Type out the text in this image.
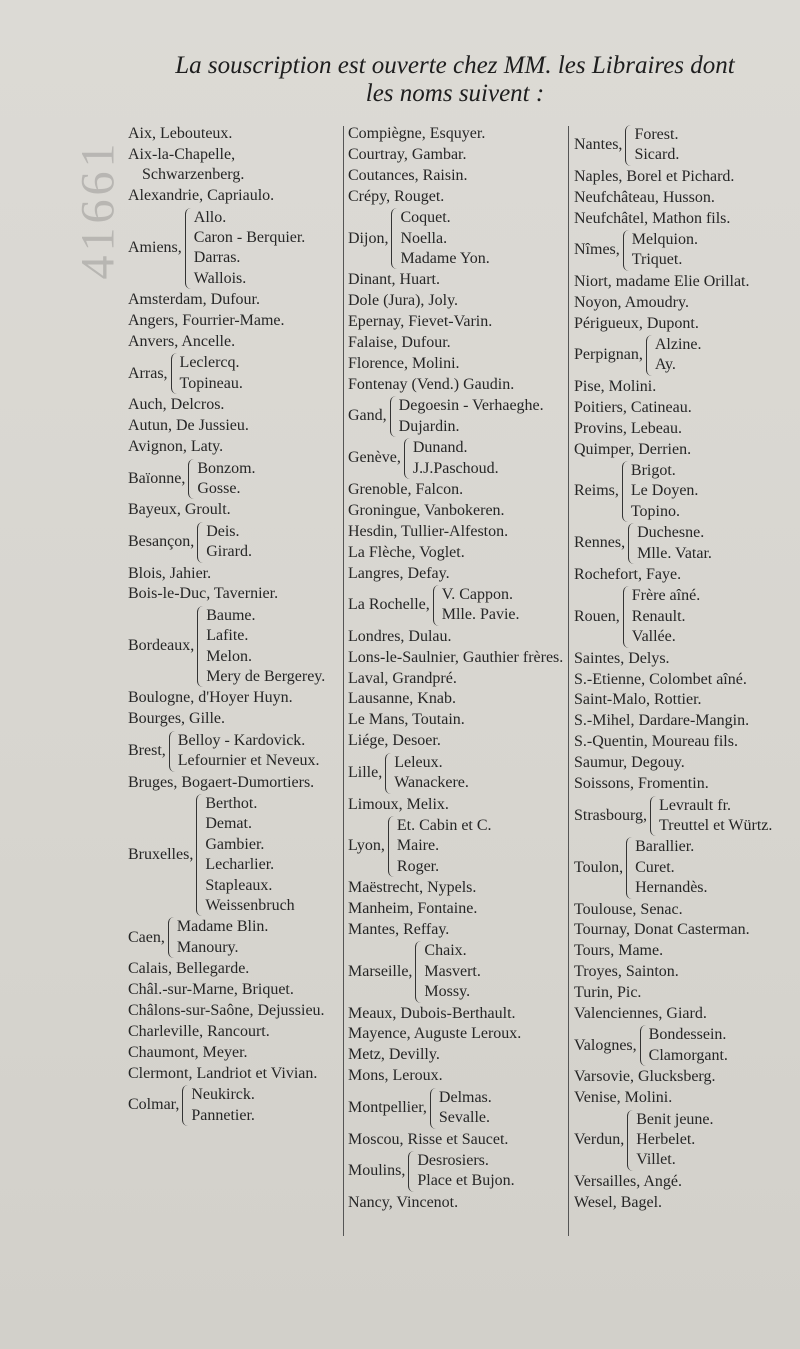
41661
La souscription est ouverte chez MM. les Libraires dont
les noms suivent :
Aix, Lebouteux.
Aix-la-Chapelle, Schwarzenberg.
Alexandrie, Capriaulo.
Amiens,
Allo.
Caron - Berquier.
Darras.
Wallois.
Amsterdam, Dufour.
Angers, Fourrier-Mame.
Anvers, Ancelle.
Arras,
Leclercq.
Topineau.
Auch, Delcros.
Autun, De Jussieu.
Avignon, Laty.
Baïonne,
Bonzom.
Gosse.
Bayeux, Groult.
Besançon,
Deis.
Girard.
Blois, Jahier.
Bois-le-Duc, Tavernier.
Bordeaux,
Baume.
Lafite.
Melon.
Mery de Bergerey.
Boulogne, d'Hoyer Huyn.
Bourges, Gille.
Brest,
Belloy - Kardovick.
Lefournier et Neveux.
Bruges, Bogaert-Dumortiers.
Bruxelles,
Berthot.
Demat.
Gambier.
Lecharlier.
Stapleaux.
Weissenbruch
Caen,
Madame Blin.
Manoury.
Calais, Bellegarde.
Châl.-sur-Marne, Briquet.
Châlons-sur-Saône, Dejussieu.
Charleville, Rancourt.
Chaumont, Meyer.
Clermont, Landriot et Vivian.
Colmar,
Neukirck.
Pannetier.
Compiègne, Esquyer.
Courtray, Gambar.
Coutances, Raisin.
Crépy, Rouget.
Dijon,
Coquet.
Noella.
Madame Yon.
Dinant, Huart.
Dole (Jura), Joly.
Epernay, Fievet-Varin.
Falaise, Dufour.
Florence, Molini.
Fontenay (Vend.) Gaudin.
Gand,
Degoesin - Verhaeghe.
Dujardin.
Genève,
Dunand.
J.J.Paschoud.
Grenoble, Falcon.
Groningue, Vanbokeren.
Hesdin, Tullier-Alfeston.
La Flèche, Voglet.
Langres, Defay.
La Rochelle,
V. Cappon.
Mlle. Pavie.
Londres, Dulau.
Lons-le-Saulnier, Gauthier frères.
Laval, Grandpré.
Lausanne, Knab.
Le Mans, Toutain.
Liége, Desoer.
Lille,
Leleux.
Wanackere.
Limoux, Melix.
Lyon,
Et. Cabin et C.
Maire.
Roger.
Maëstrecht, Nypels.
Manheim, Fontaine.
Mantes, Reffay.
Marseille,
Chaix.
Masvert.
Mossy.
Meaux, Dubois-Berthault.
Mayence, Auguste Leroux.
Metz, Devilly.
Mons, Leroux.
Montpellier,
Delmas.
Sevalle.
Moscou, Risse et Saucet.
Moulins,
Desrosiers.
Place et Bujon.
Nancy, Vincenot.
Nantes,
Forest.
Sicard.
Naples, Borel et Pichard.
Neufchâteau, Husson.
Neufchâtel, Mathon fils.
Nîmes,
Melquion.
Triquet.
Niort, madame Elie Orillat.
Noyon, Amoudry.
Périgueux, Dupont.
Perpignan,
Alzine.
Ay.
Pise, Molini.
Poitiers, Catineau.
Provins, Lebeau.
Quimper, Derrien.
Reims,
Brigot.
Le Doyen.
Topino.
Rennes,
Duchesne.
Mlle. Vatar.
Rochefort, Faye.
Rouen,
Frère aîné.
Renault.
Vallée.
Saintes, Delys.
S.-Etienne, Colombet aîné.
Saint-Malo, Rottier.
S.-Mihel, Dardare-Mangin.
S.-Quentin, Moureau fils.
Saumur, Degouy.
Soissons, Fromentin.
Strasbourg,
Levrault fr.
Treuttel et Würtz.
Toulon,
Barallier.
Curet.
Hernandès.
Toulouse, Senac.
Tournay, Donat Casterman.
Tours, Mame.
Troyes, Sainton.
Turin, Pic.
Valenciennes, Giard.
Valognes,
Bondessein.
Clamorgant.
Varsovie, Glucksberg.
Venise, Molini.
Verdun,
Benit jeune.
Herbelet.
Villet.
Versailles, Angé.
Wesel, Bagel.
